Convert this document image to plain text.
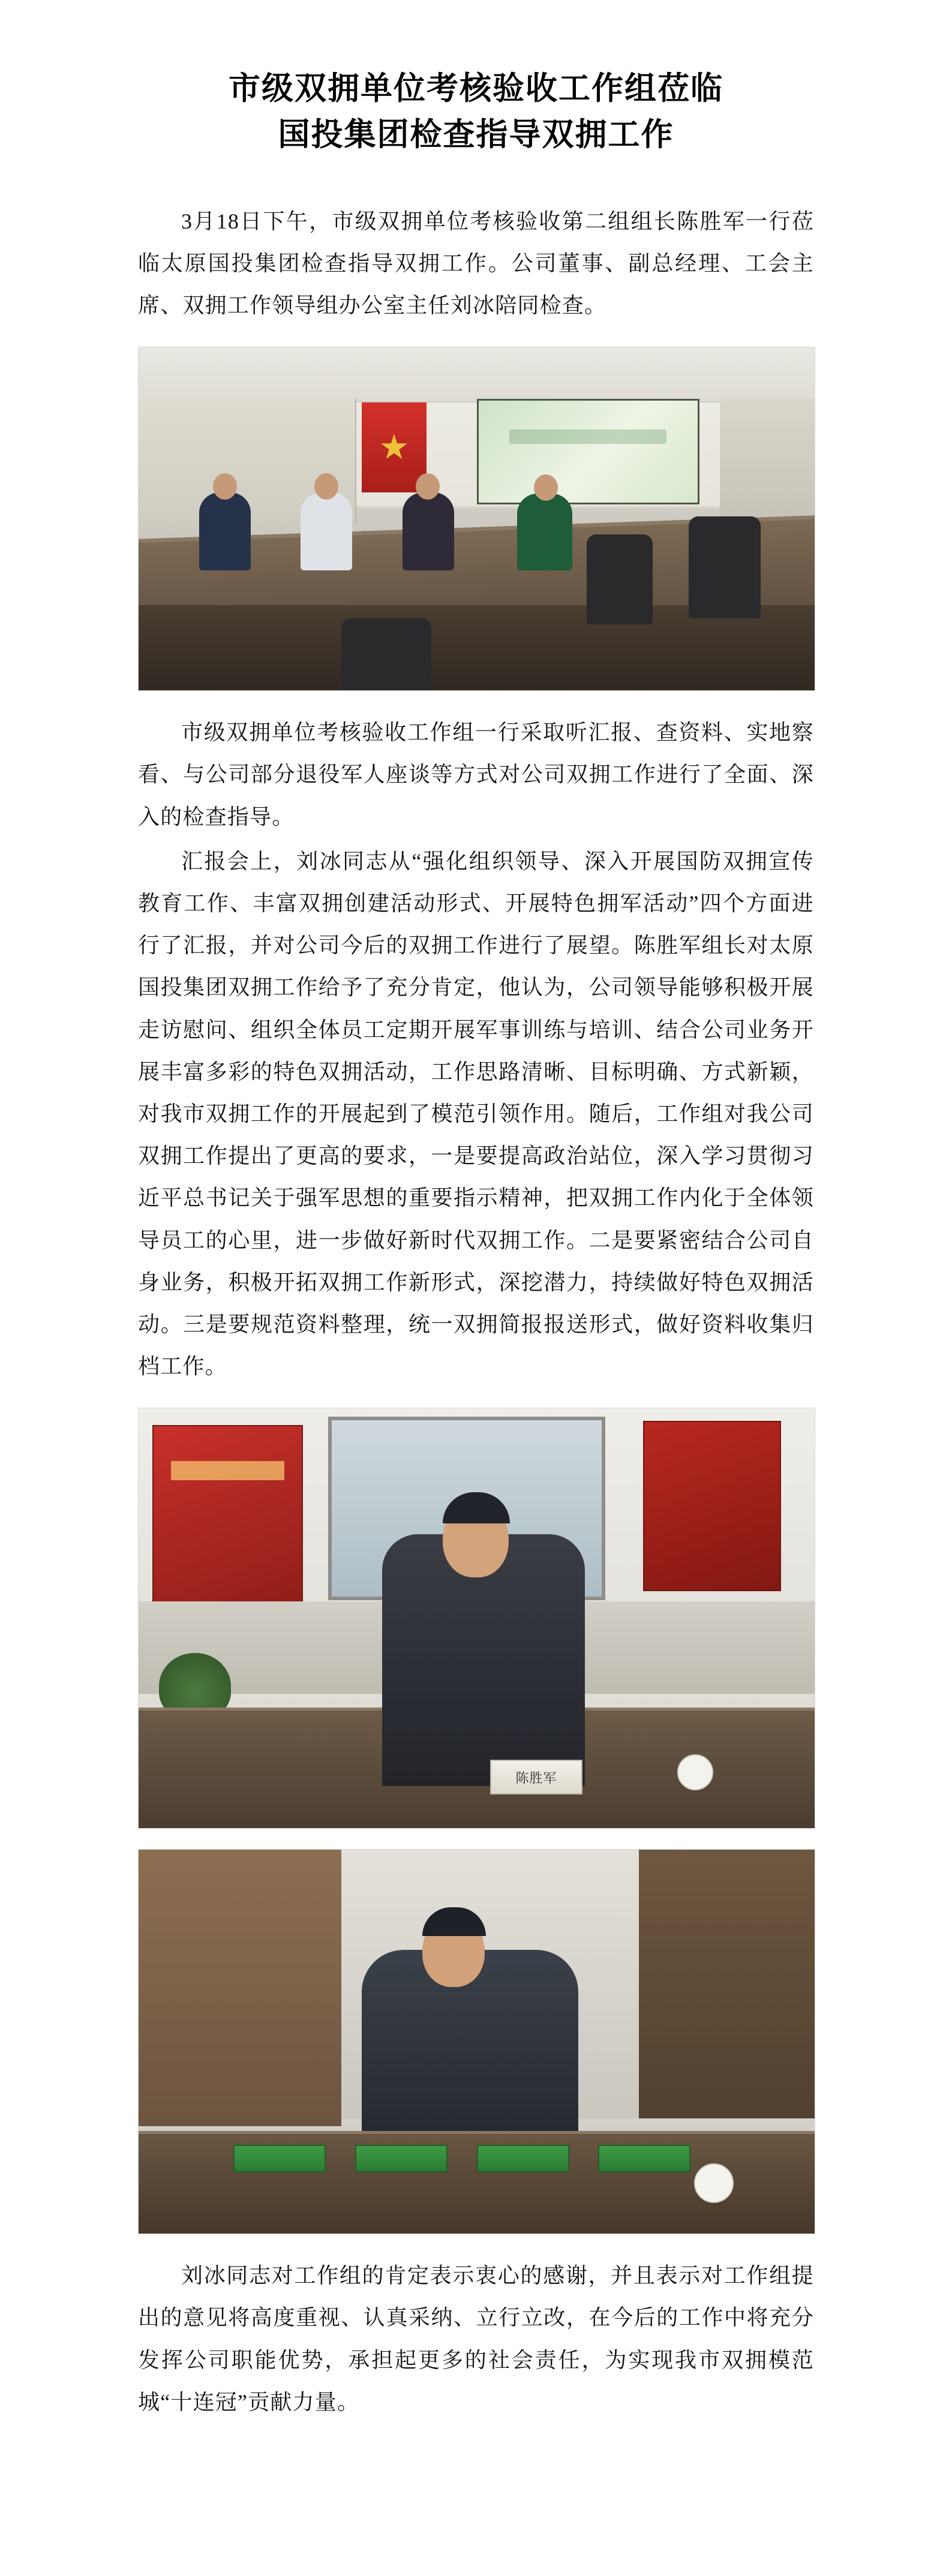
市级双拥单位考核验收工作组莅临
国投集团检查指导双拥工作

3月18日下午，市级双拥单位考核验收第二组组长陈胜军一行莅临太原国投集团检查指导双拥工作。公司董事、副总经理、工会主席、双拥工作领导组办公室主任刘冰陪同检查。

市级双拥单位考核验收工作组一行采取听汇报、查资料、实地察看、与公司部分退役军人座谈等方式对公司双拥工作进行了全面、深入的检查指导。

汇报会上，刘冰同志从“强化组织领导、深入开展国防双拥宣传教育工作、丰富双拥创建活动形式、开展特色拥军活动”四个方面进行了汇报，并对公司今后的双拥工作进行了展望。陈胜军组长对太原国投集团双拥工作给予了充分肯定，他认为，公司领导能够积极开展走访慰问、组织全体员工定期开展军事训练与培训、结合公司业务开展丰富多彩的特色双拥活动，工作思路清晰、目标明确、方式新颖，对我市双拥工作的开展起到了模范引领作用。随后，工作组对我公司双拥工作提出了更高的要求，一是要提高政治站位，深入学习贯彻习近平总书记关于强军思想的重要指示精神，把双拥工作内化于全体领导员工的心里，进一步做好新时代双拥工作。二是要紧密结合公司自身业务，积极开拓双拥工作新形式，深挖潜力，持续做好特色双拥活动。三是要规范资料整理，统一双拥简报报送形式，做好资料收集归档工作。

陈胜军

刘冰同志对工作组的肯定表示衷心的感谢，并且表示对工作组提出的意见将高度重视、认真采纳、立行立改，在今后的工作中将充分发挥公司职能优势，承担起更多的社会责任，为实现我市双拥模范城“十连冠”贡献力量。
